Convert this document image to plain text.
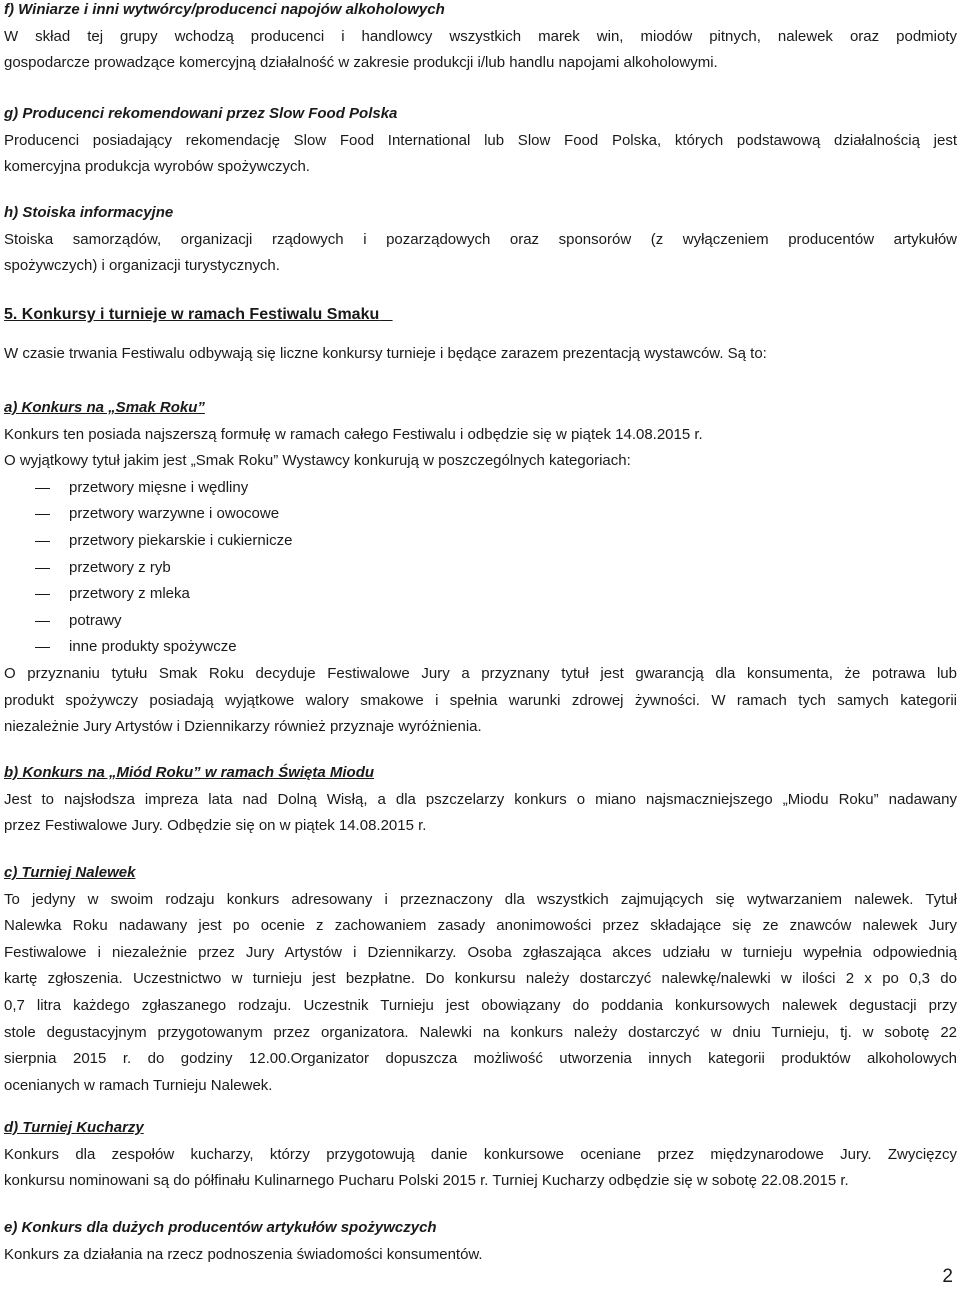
f) Winiarze i inni wytwórcy/producenci napojów alkoholowych

W skład tej grupy wchodzą producenci i handlowcy wszystkich marek win, miodów pitnych, nalewek oraz podmioty

gospodarcze prowadzące komercyjną działalność w zakresie produkcji i/lub handlu napojami alkoholowymi.

g) Producenci rekomendowani przez Slow Food Polska

Producenci posiadający rekomendację Slow Food International lub Slow Food Polska, których podstawową działalnością jest

komercyjna produkcja wyrobów spożywczych.

h) Stoiska informacyjne

Stoiska samorządów, organizacji rządowych i pozarządowych oraz sponsorów (z wyłączeniem producentów artykułów

spożywczych) i organizacji turystycznych.

5. Konkursy i turnieje w ramach Festiwalu Smaku

W czasie trwania Festiwalu odbywają się liczne konkursy turnieje i będące zarazem prezentacją wystawców. Są to:

a) Konkurs na „Smak Roku”

Konkurs ten posiada najszerszą formułę w ramach całego Festiwalu i odbędzie się w piątek 14.08.2015 r.

O wyjątkowy tytuł jakim jest „Smak Roku” Wystawcy konkurują w poszczególnych kategoriach:

przetwory mięsne i wędliny
przetwory warzywne i owocowe
przetwory piekarskie i cukiernicze
przetwory z ryb
przetwory z mleka
potrawy
inne produkty spożywcze

O przyznaniu tytułu Smak Roku decyduje Festiwalowe Jury a przyznany tytuł jest gwarancją dla konsumenta, że potrawa lub

produkt spożywczy posiadają wyjątkowe walory smakowe i spełnia warunki zdrowej żywności. W ramach tych samych kategorii

niezależnie Jury Artystów i Dziennikarzy również przyznaje wyróżnienia.

b) Konkurs na „Miód Roku” w ramach Święta Miodu

Jest to najsłodsza impreza lata nad Dolną Wisłą, a dla pszczelarzy konkurs o miano najsmaczniejszego „Miodu Roku” nadawany

przez Festiwalowe Jury. Odbędzie się on w piątek 14.08.2015 r.

c) Turniej Nalewek

To jedyny w swoim rodzaju konkurs adresowany i przeznaczony dla wszystkich zajmujących się wytwarzaniem nalewek. Tytuł

Nalewka Roku nadawany jest po ocenie z zachowaniem zasady anonimowości przez składające się ze znawców nalewek Jury

Festiwalowe i niezależnie przez Jury Artystów i Dziennikarzy. Osoba zgłaszająca akces udziału w turnieju wypełnia odpowiednią

kartę zgłoszenia. Uczestnictwo w turnieju jest bezpłatne. Do konkursu należy dostarczyć nalewkę/nalewki w ilości 2 x po 0,3 do

0,7 litra każdego zgłaszanego rodzaju. Uczestnik Turnieju jest obowiązany do poddania konkursowych nalewek degustacji przy

stole degustacyjnym przygotowanym przez organizatora. Nalewki na konkurs należy dostarczyć w dniu Turnieju, tj. w sobotę 22

sierpnia 2015 r. do godziny 12.00.Organizator dopuszcza możliwość utworzenia innych kategorii produktów alkoholowych

ocenianych w ramach Turnieju Nalewek.

d) Turniej Kucharzy

Konkurs dla zespołów kucharzy, którzy przygotowują danie konkursowe oceniane przez międzynarodowe Jury. Zwycięzcy

konkursu nominowani są do półfinału Kulinarnego Pucharu Polski 2015 r. Turniej Kucharzy odbędzie się w sobotę 22.08.2015 r.

e) Konkurs dla dużych producentów artykułów spożywczych

Konkurs za działania na rzecz podnoszenia świadomości konsumentów.

2
